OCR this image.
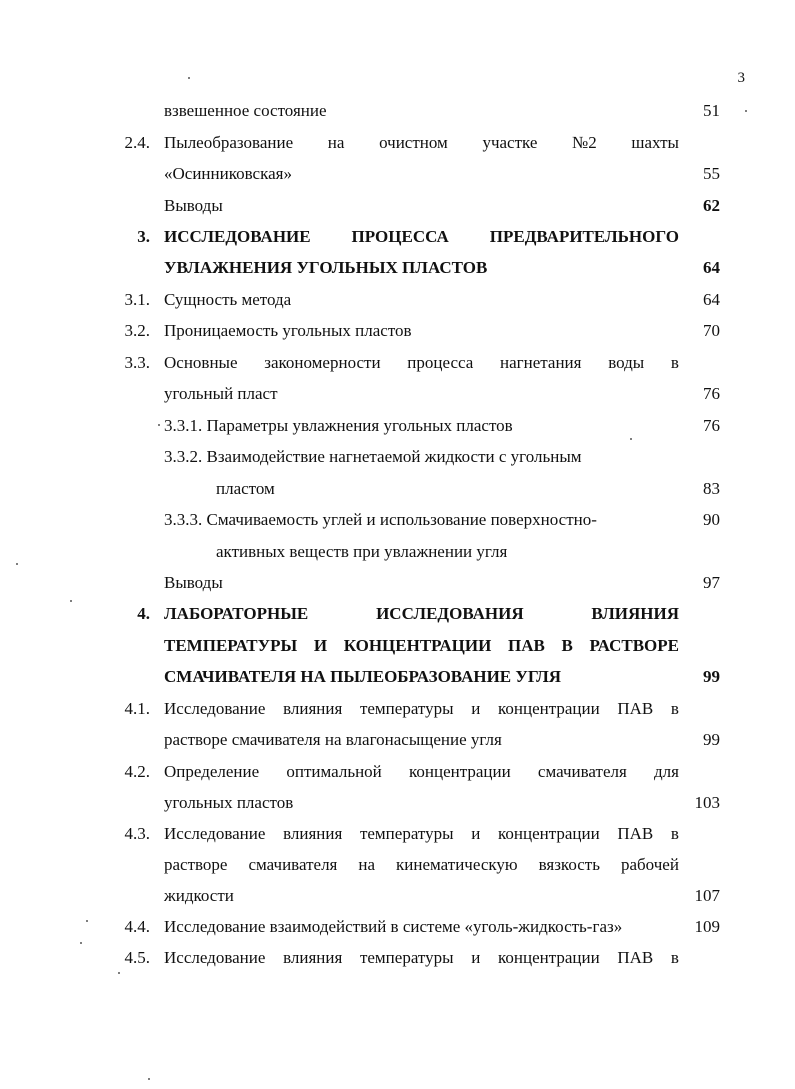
3
взвешенное состояние	51
2.4. Пылеобразование на очистном участке №2 шахты
«Осинниковская»	55
Выводы	62
3. ИССЛЕДОВАНИЕ ПРОЦЕССА ПРЕДВАРИТЕЛЬНОГО
УВЛАЖНЕНИЯ УГОЛЬНЫХ ПЛАСТОВ	64
3.1. Сущность метода	64
3.2. Проницаемость угольных пластов	70
3.3. Основные закономерности процесса нагнетания воды в
угольный пласт	76
3.3.1. Параметры увлажнения угольных пластов	76
3.3.2. Взаимодействие нагнетаемой жидкости с угольным
пластом	83
3.3.3. Смачиваемость углей и использование поверхностно-	90
активных веществ при увлажнении угля
Выводы	97
4. ЛАБОРАТОРНЫЕ	ИССЛЕДОВАНИЯ	ВЛИЯНИЯ
ТЕМПЕРАТУРЫ И КОНЦЕНТРАЦИИ ПАВ В РАСТВОРЕ
СМАЧИВАТЕЛЯ НА ПЫЛЕОБРАЗОВАНИЕ УГЛЯ	99
4.1. Исследование влияния температуры и концентрации ПАВ в
растворе смачивателя на влагонасыщение угля	99
4.2. Определение оптимальной концентрации смачивателя для
угольных пластов	103
4.3. Исследование влияния температуры и концентрации ПАВ в
растворе смачивателя на кинематическую вязкость рабочей
жидкости	107
4.4. Исследование взаимодействий в системе «уголь-жидкость-газ»	109
4.5. Исследование влияния температуры и концентрации ПАВ в
